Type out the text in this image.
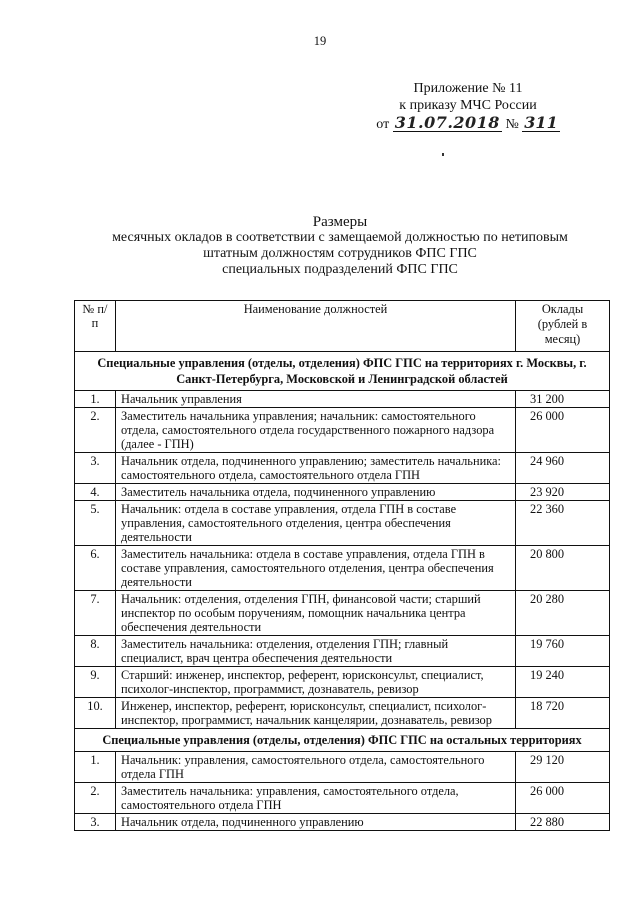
19
Приложение № 11
к приказу МЧС России
от 31.07.2018 № 311
Размеры
месячных окладов в соответствии с замещаемой должностью по нетиповым
штатным должностям сотрудников ФПС ГПС
специальных подразделений ФПС ГПС
№ п/п	Наименование должностей	Оклады (рублей в месяц)
Специальные управления (отделы, отделения) ФПС ГПС на территориях г. Москвы, г. Санкт-Петербурга, Московской и Ленинградской областей		
1.	Начальник управления	31 200
2.	Заместитель начальника управления; начальник: самостоятельного отдела, самостоятельного отдела государственного пожарного надзора (далее - ГПН)	26 000
3.	Начальник отдела, подчиненного управлению; заместитель начальника: самостоятельного отдела, самостоятельного отдела ГПН	24 960
4.	Заместитель начальника отдела, подчиненного управлению	23 920
5.	Начальник: отдела в составе управления, отдела ГПН в составе управления, самостоятельного отделения, центра обеспечения деятельности	22 360
6.	Заместитель начальника: отдела в составе управления, отдела ГПН в составе управления, самостоятельного отделения, центра обеспечения деятельности	20 800
7.	Начальник: отделения, отделения ГПН, финансовой части; старший инспектор по особым поручениям, помощник начальника центра обеспечения деятельности	20 280
8.	Заместитель начальника: отделения, отделения ГПН; главный специалист, врач центра обеспечения деятельности	19 760
9.	Старший: инженер, инспектор, референт, юрисконсульт, специалист, психолог-инспектор, программист, дознаватель, ревизор	19 240
10.	Инженер, инспектор, референт, юрисконсульт, специалист, психолог-инспектор, программист, начальник канцелярии, дознаватель, ревизор	18 720
Специальные управления (отделы, отделения) ФПС ГПС на остальных территориях		
1.	Начальник: управления, самостоятельного отдела, самостоятельного отдела ГПН	29 120
2.	Заместитель начальника: управления, самостоятельного отдела, самостоятельного отдела ГПН	26 000
3.	Начальник отдела, подчиненного управлению	22 880
